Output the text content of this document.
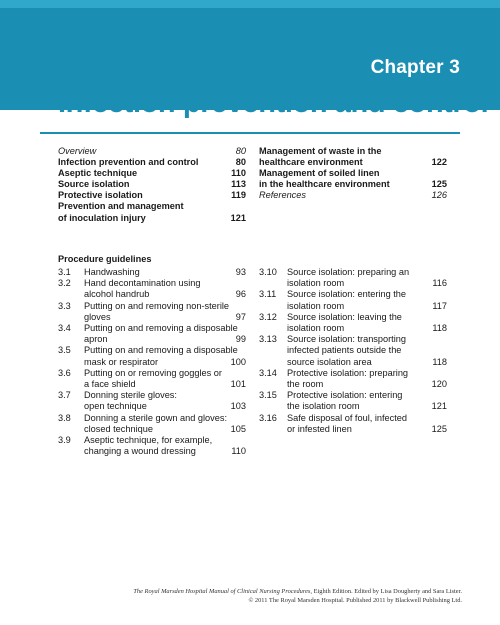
Chapter 3
Infection prevention and control
Overview	80
Infection prevention and control	80
Aseptic technique	110
Source isolation	113
Protective isolation	119
Prevention and management
of inoculation injury	121
Management of waste in the
healthcare environment	122
Management of soiled linen
in the healthcare environment	125
References	126
Procedure guidelines
3.1	Handwashing	93
3.2	Hand decontamination using
alcohol handrub	96
3.3	Putting on and removing non-sterile
gloves	97
3.4	Putting on and removing a disposable
apron	99
3.5	Putting on and removing a disposable
mask or respirator	100
3.6	Putting on or removing goggles or
a face shield	101
3.7	Donning sterile gloves:
open technique	103
3.8	Donning a sterile gown and gloves:
closed technique	105
3.9	Aseptic technique, for example,
changing a wound dressing	110
3.10	Source isolation: preparing an
isolation room	116
3.11	Source isolation: entering the
isolation room	117
3.12	Source isolation: leaving the
isolation room	118
3.13	Source isolation: transporting
infected patients outside the
source isolation area	118
3.14	Protective isolation: preparing
the room	120
3.15	Protective isolation: entering
the isolation room	121
3.16	Safe disposal of foul, infected
or infested linen	125
The Royal Marsden Hospital Manual of Clinical Nursing Procedures, Eighth Edition. Edited by Lisa Dougherty and Sara Lister.
© 2011 The Royal Marsden Hospital. Published 2011 by Blackwell Publishing Ltd.
